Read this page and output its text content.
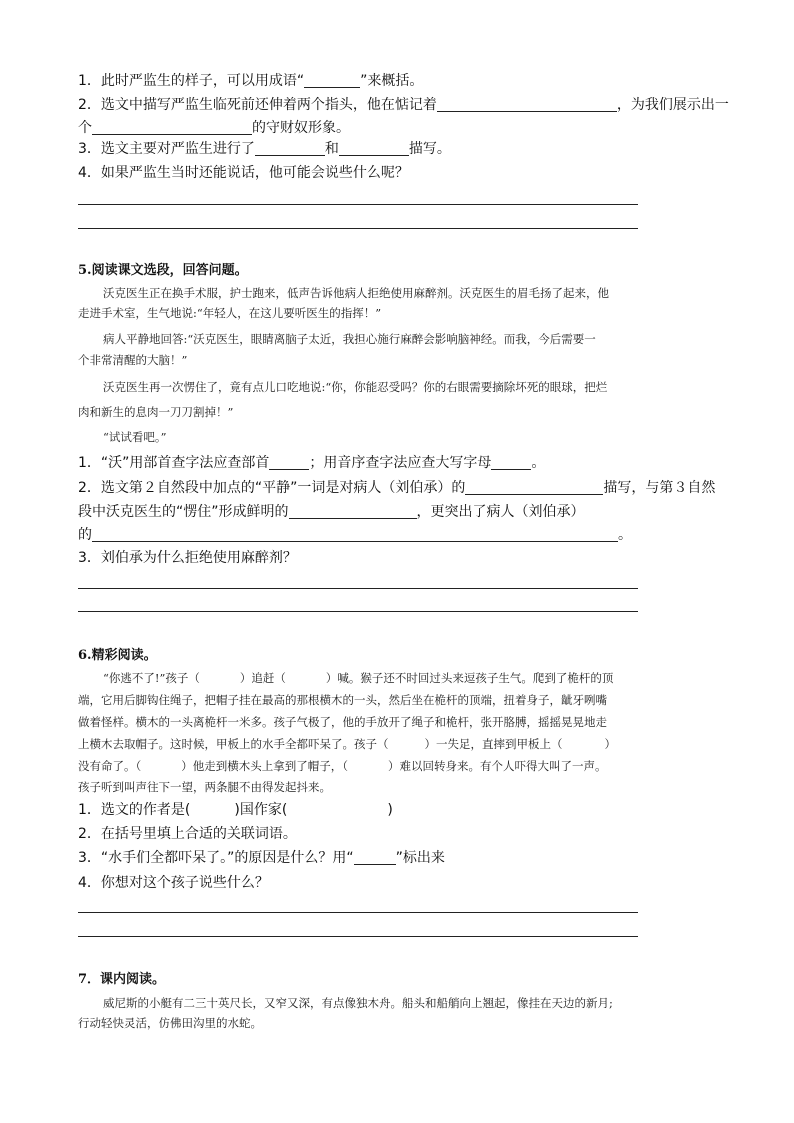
1．此时严监生的样子，可以用成语“	”来概括。
2．选文中描写严监生临死前还伸着两个指头，他在惦记着	，为我们展示出一
个	的守财奴形象。
3．选文主要对严监生进行了	和	描写。
4．如果严监生当时还能说话，他可能会说些什么呢？
5.阅读课文选段，回答问题。
沃克医生正在换手术服，护士跑来，低声告诉他病人拒绝使用麻醉剂。沃克医生的眉毛扬了起来，他
走进手术室，生气地说:“年轻人，在这儿要听医生的指挥！”
病人平静地回答:“沃克医生，眼睛离脑子太近，我担心施行麻醉会影响脑神经。而我，今后需要一
个非常清醒的大脑！”
沃克医生再一次愣住了，竟有点儿口吃地说:“你，你能忍受吗？你的右眼需要摘除坏死的眼球，把烂
肉和新生的息肉一刀刀割掉！”
“试试看吧。”
1．“沃”用部首查字法应查部首	；用音序查字法应查大写字母	。
2．选文第２自然段中加点的“平静”一词是对病人（刘伯承）的	描写，与第３自然
段中沃克医生的“愣住”形成鲜明的	，更突出了病人（刘伯承）
的	。
3．刘伯承为什么拒绝使用麻醉剂？
6.精彩阅读。
“你逃不了!”孩子（	）追赶（	）喊。猴子还不时回过头来逗孩子生气。爬到了桅杆的顶
端，它用后脚钩住绳子，把帽子挂在最高的那根横木的一头，然后坐在桅杆的顶端，扭着身子，龇牙咧嘴
做着怪样。横木的一头离桅杆一米多。孩子气极了，他的手放开了绳子和桅杆，张开胳膊，摇摇晃晃地走
上横木去取帽子。这时候，甲板上的水手全都吓呆了。孩子（	）一失足，直摔到甲板上（	）
没有命了。（	）他走到横木头上拿到了帽子，（	）难以回转身来。有个人吓得大叫了一声。
孩子听到叫声往下一望，两条腿不由得发起抖来。
1．选文的作者是(	)国作家(	)
2．在括号里填上合适的关联词语。
3．“水手们全都吓呆了。”的原因是什么？用“	”标出来
4．你想对这个孩子说些什么？
7．课内阅读。
威尼斯的小艇有二三十英尺长，又窄又深，有点像独木舟。船头和船艄向上翘起，像挂在天边的新月;
行动轻快灵活，仿佛田沟里的水蛇。
